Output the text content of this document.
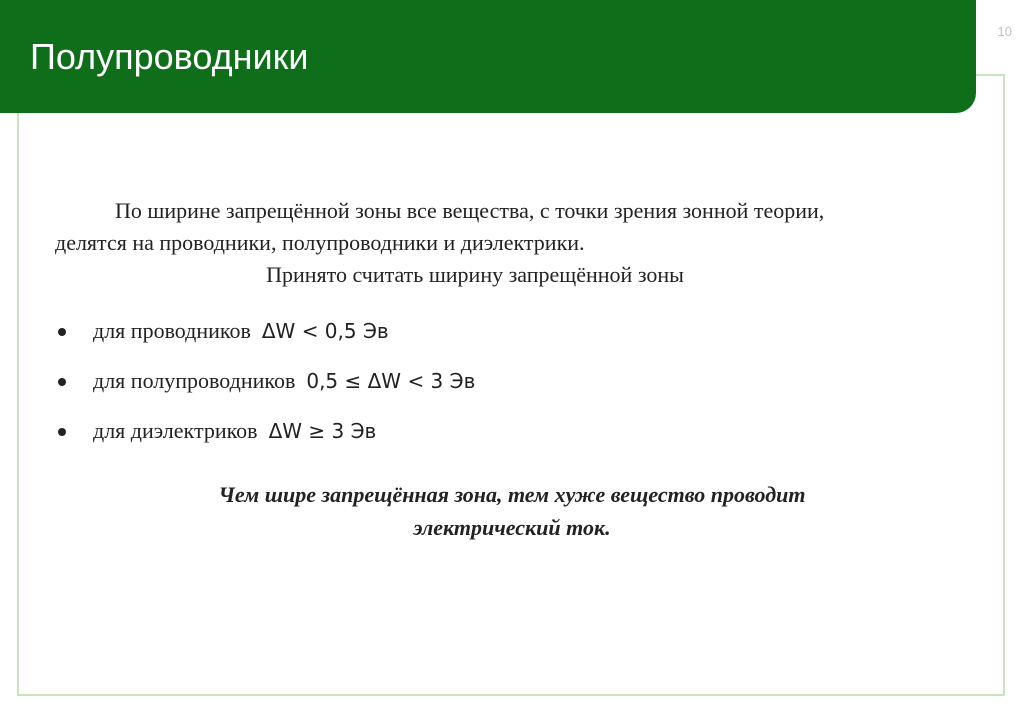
Полупроводники
10

По ширине запрещённой зоны все вещества, с точки зрения зонной теории, делятся на проводники, полупроводники и диэлектрики.

Принято считать ширину запрещённой зоны

для проводников ΔW < 0,5 Эв
для полупроводников 0,5 ≤ ΔW < 3 Эв
для диэлектриков ΔW ≥ 3 Эв
Чем шире запрещённая зона, тем хуже вещество проводит
электрический ток.
